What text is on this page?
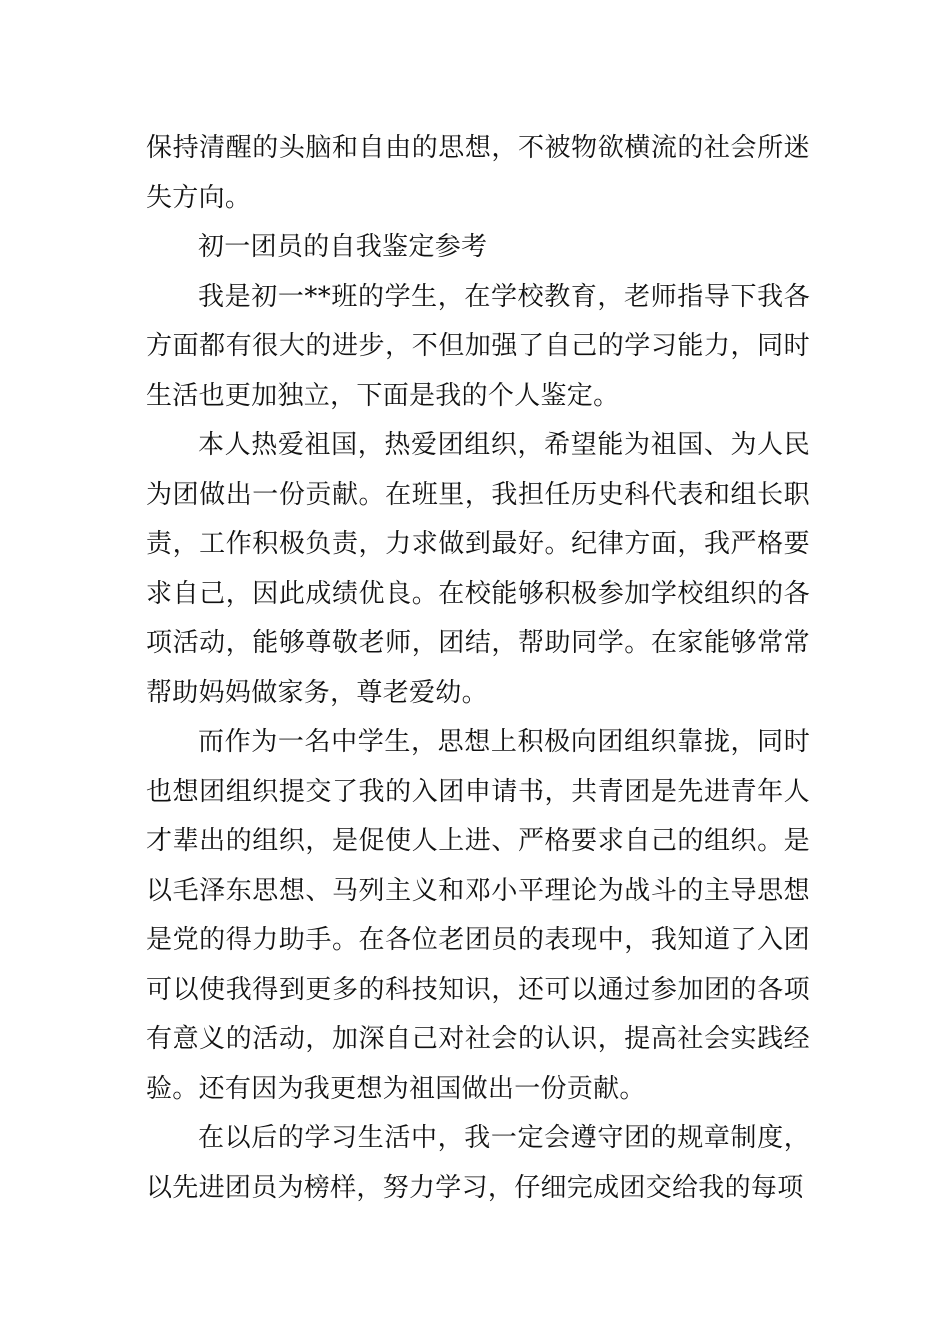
保持清醒的头脑和自由的思想，不被物欲横流的社会所迷失方向。

初一团员的自我鉴定参考

我是初一**班的学生，在学校教育，老师指导下我各方面都有很大的进步，不但加强了自己的学习能力，同时生活也更加独立，下面是我的个人鉴定。

本人热爱祖国，热爱团组织，希望能为祖国、为人民为团做出一份贡献。在班里，我担任历史科代表和组长职责，工作积极负责，力求做到最好。纪律方面，我严格要求自己，因此成绩优良。在校能够积极参加学校组织的各项活动，能够尊敬老师，团结，帮助同学。在家能够常常帮助妈妈做家务，尊老爱幼。

而作为一名中学生，思想上积极向团组织靠拢，同时也想团组织提交了我的入团申请书，共青团是先进青年人才辈出的组织，是促使人上进、严格要求自己的组织。是以毛泽东思想、马列主义和邓小平理论为战斗的主导思想是党的得力助手。在各位老团员的表现中，我知道了入团可以使我得到更多的科技知识，还可以通过参加团的各项有意义的活动，加深自己对社会的认识，提高社会实践经验。还有因为我更想为祖国做出一份贡献。

在以后的学习生活中，我一定会遵守团的规章制度，以先进团员为榜样，努力学习，仔细完成团交给我的每项
